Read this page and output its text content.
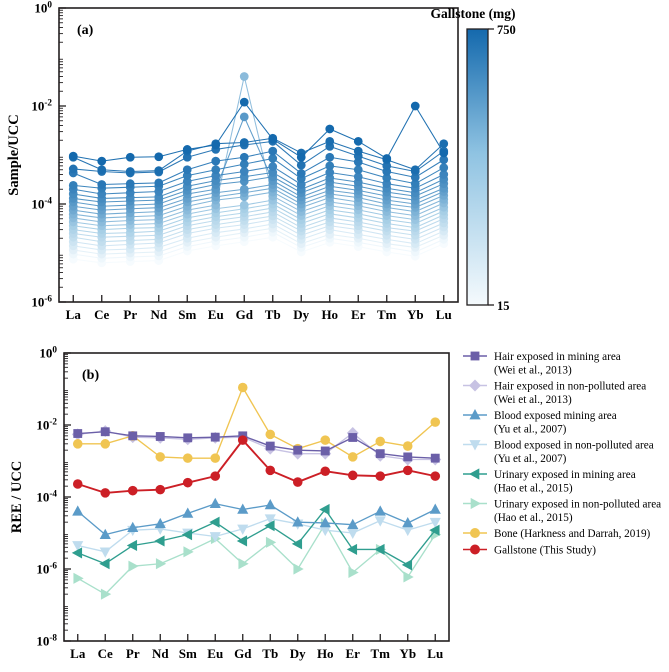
$10^0$
$10^{-2}$
$10^{-4}$
$10^{-6}$
La Ce Pr Nd Sm Eu Gd Tb Dy Ho Er Tm Yb Lu
(a)
Sample/UCC
Gallstone (mg)
750
15
$10^0$
$10^{-2}$
$10^{-4}$
$10^{-6}$
$10^{-8}$
La Ce Pr Nd Sm Eu Gd Tb Dy Ho Er Tm Yb Lu
(b)
REE / UCC
Hair exposed in mining area
(Wei et al., 2013)
Hair exposed in non-polluted area
(Wei et al., 2013)
Blood exposed mining area
(Yu et al., 2007)
Blood exposed in non-polluted area
(Yu et al., 2007)
Urinary exposed in mining area
(Hao et al., 2015)
Urinary exposed in non-polluted area
(Hao et al., 2015)
Bone (Harkness and Darrah, 2019)
Gallstone (This Study)
